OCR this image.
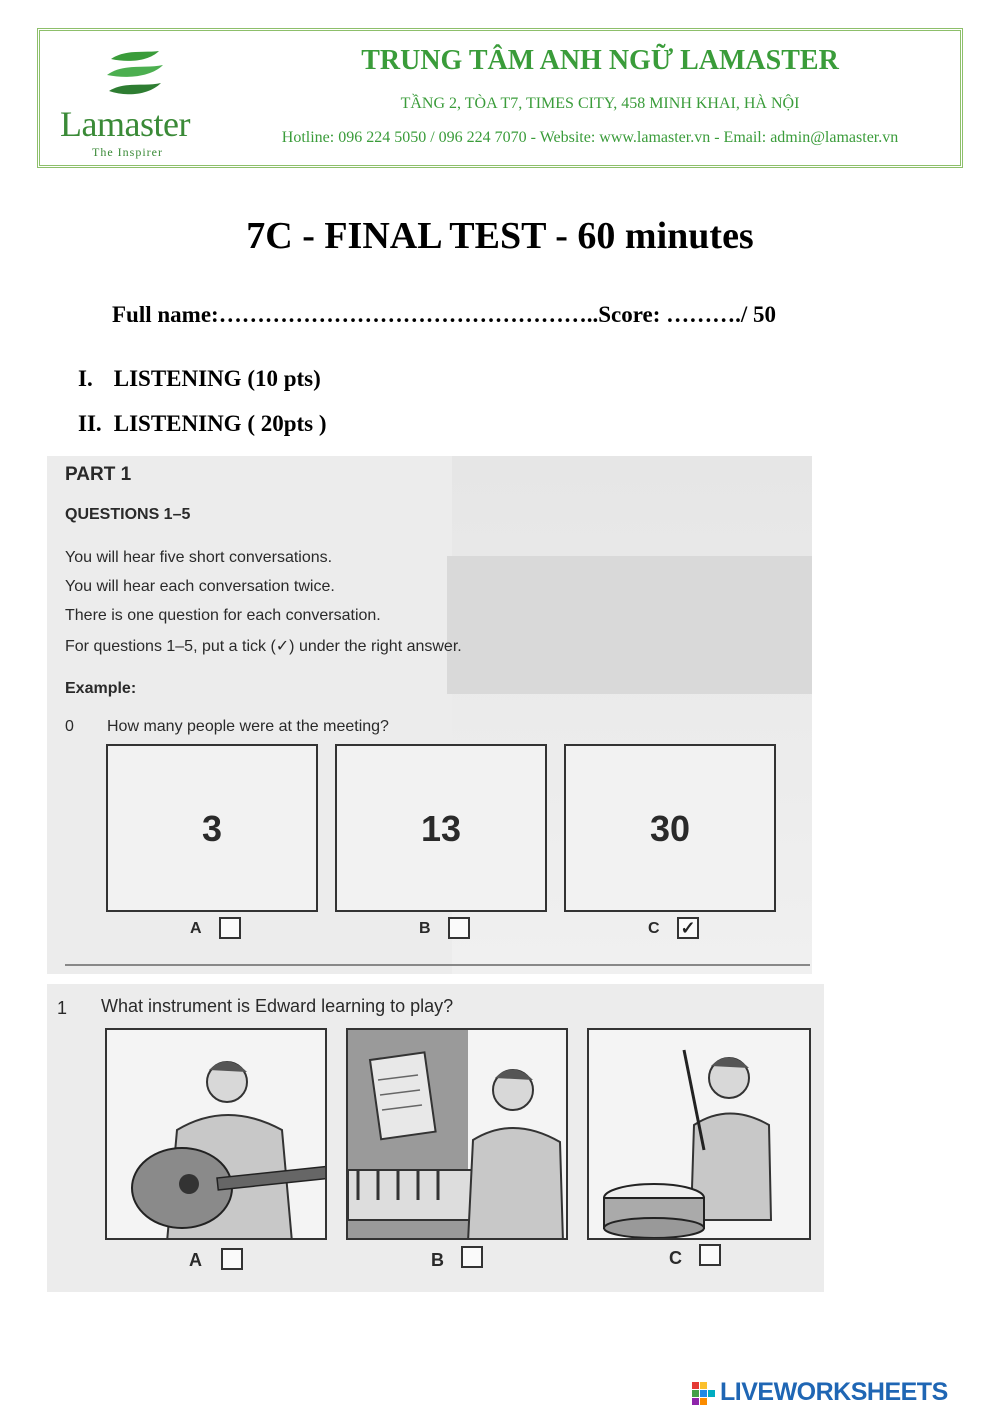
Lamaster
The Inspirer
TRUNG TÂM ANH NGỮ LAMASTER
TẦNG 2, TÒA T7, TIMES CITY, 458 MINH KHAI, HÀ NỘI
Hotline: 096 224 5050 / 096 224 7070 - Website: www.lamaster.vn - Email: admin@lamaster.vn
7C - FINAL TEST - 60 minutes
Full name:…………………………………………..Score: ………./ 50
I. LISTENING (10 pts)
II. LISTENING ( 20pts )
PART 1
QUESTIONS 1–5
You will hear five short conversations.
You will hear each conversation twice.
There is one question for each conversation.
For questions 1–5, put a tick (✓) under the right answer.
Example:
0 How many people were at the meeting?
3	13	30
A	B	C ✓
1 What instrument is Edward learning to play?
A	B	C
LIVEWORKSHEETS
